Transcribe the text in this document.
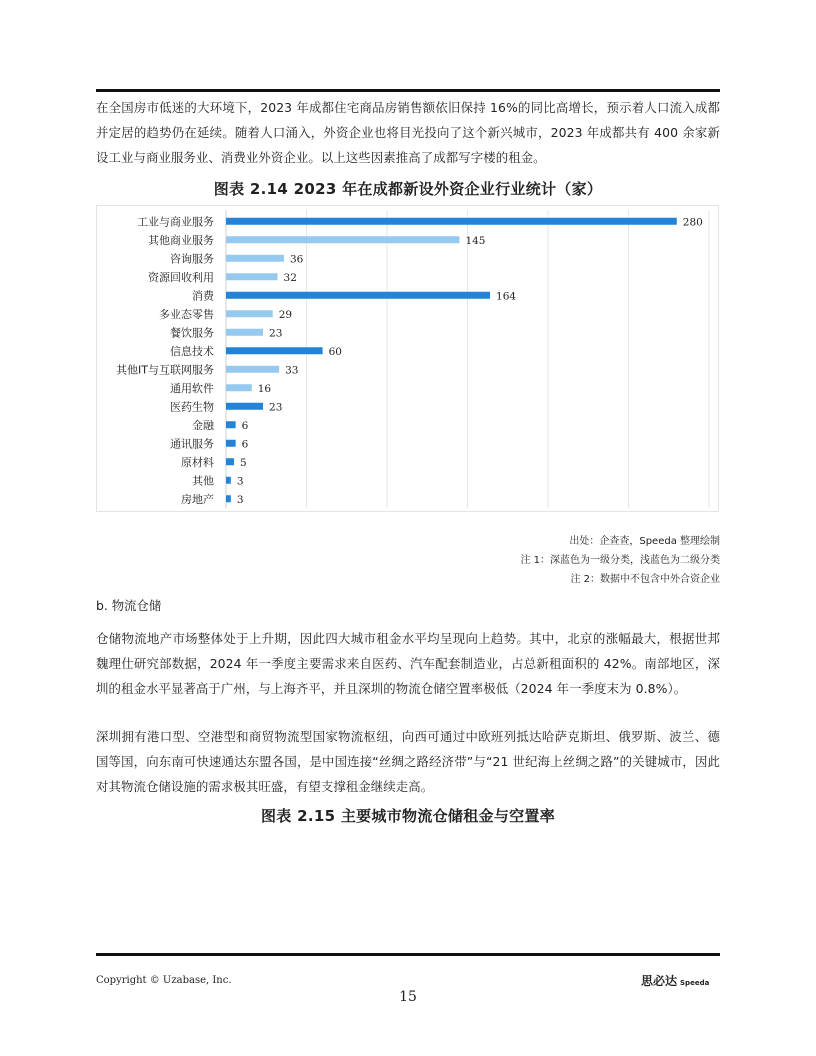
在全国房市低迷的大环境下，2023 年成都住宅商品房销售额依旧保持 16%的同比高增长，预示着人口流入成都并定居的趋势仍在延续。随着人口涌入，外资企业也将目光投向了这个新兴城市，2023 年成都共有 400 余家新设工业与商业服务业、消费业外资企业。以上这些因素推高了成都写字楼的租金。

图表 2.14 2023 年在成都新设外资企业行业统计（家）
工业与商业服务	280
其他商业服务	145
咨询服务	36
资源回收利用	32
消费	164
多业态零售	29
餐饮服务	23
信息技术	60
其他IT与互联网服务	33
通用软件	16
医药生物	23
金融	6
通讯服务	6
原材料 5
其他 3
房地产 3
出处：企查查，Speeda 整理绘制
注 1：深蓝色为一级分类，浅蓝色为二级分类
注 2：数据中不包含中外合资企业
b. 物流仓储

仓储物流地产市场整体处于上升期，因此四大城市租金水平均呈现向上趋势。其中，北京的涨幅最大，根据世邦魏理仕研究部数据，2024 年一季度主要需求来自医药、汽车配套制造业，占总新租面积的 42%。南部地区，深圳的租金水平显著高于广州，与上海齐平，并且深圳的物流仓储空置率极低（2024 年一季度末为 0.8%）。

深圳拥有港口型、空港型和商贸物流型国家物流枢纽，向西可通过中欧班列抵达哈萨克斯坦、俄罗斯、波兰、德国等国，向东南可快速通达东盟各国，是中国连接“丝绸之路经济带”与“21 世纪海上丝绸之路”的关键城市，因此对其物流仓储设施的需求极其旺盛，有望支撑租金继续走高。

图表 2.15 主要城市物流仓储租金与空置率
Copyright © Uzabase, Inc.	思必达 Speeda
15
